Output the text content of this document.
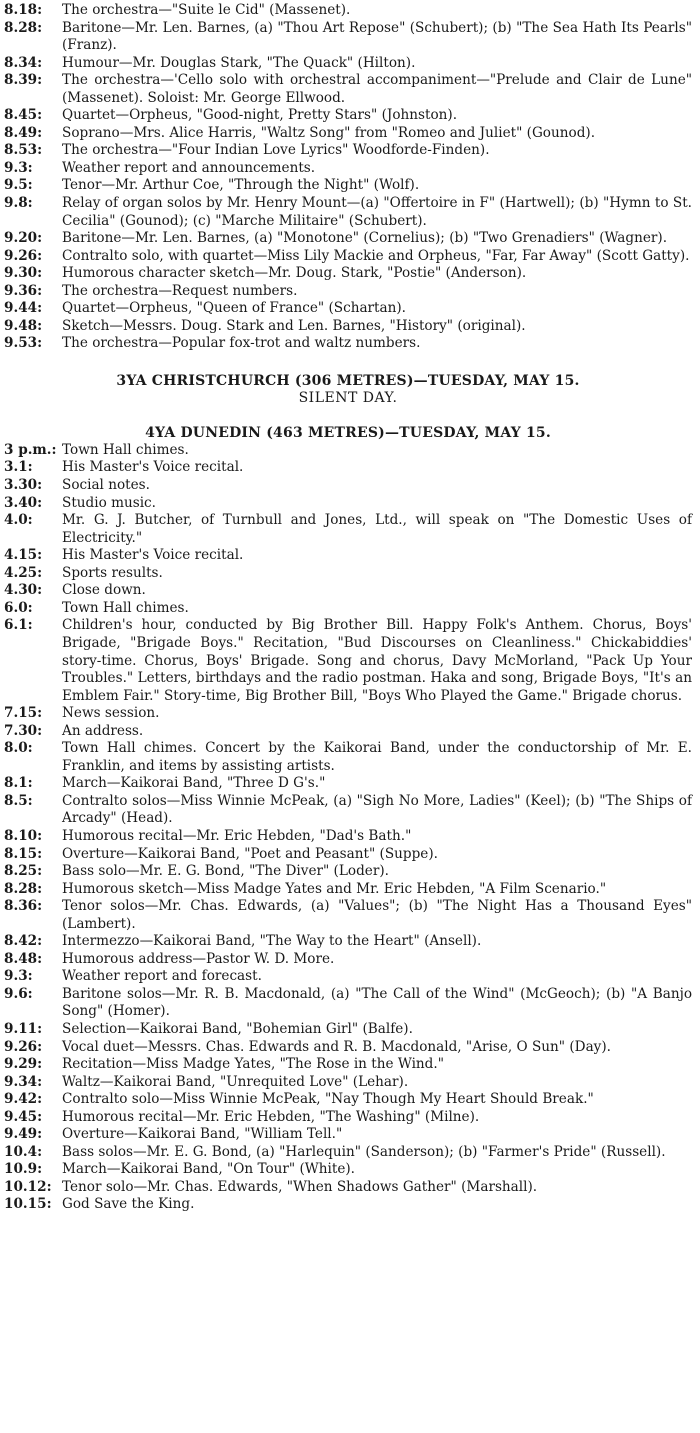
8.18:	The orchestra—"Suite le Cid" (Massenet).
8.28:	Baritone—Mr. Len. Barnes, (a) "Thou Art Repose" (Schubert); (b) "The Sea Hath Its Pearls" (Franz).
8.34:	Humour—Mr. Douglas Stark, "The Quack" (Hilton).
8.39:	The orchestra—'Cello solo with orchestral accompaniment—"Prelude and Clair de Lune" (Massenet). Soloist: Mr. George Ellwood.
8.45:	Quartet—Orpheus, "Good-night, Pretty Stars" (Johnston).
8.49:	Soprano—Mrs. Alice Harris, "Waltz Song" from "Romeo and Juliet" (Gounod).
8.53:	The orchestra—"Four Indian Love Lyrics" Woodforde-Finden).
9.3:	Weather report and announcements.
9.5:	Tenor—Mr. Arthur Coe, "Through the Night" (Wolf).
9.8:	Relay of organ solos by Mr. Henry Mount—(a) "Offertoire in F" (Hartwell); (b) "Hymn to St. Cecilia" (Gounod); (c) "Marche Militaire" (Schubert).
9.20:	Baritone—Mr. Len. Barnes, (a) "Monotone" (Cornelius); (b) "Two Grenadiers" (Wagner).
9.26:	Contralto solo, with quartet—Miss Lily Mackie and Orpheus, "Far, Far Away" (Scott Gatty).
9.30:	Humorous character sketch—Mr. Doug. Stark, "Postie" (Anderson).
9.36:	The orchestra—Request numbers.
9.44:	Quartet—Orpheus, "Queen of France" (Schartan).
9.48:	Sketch—Messrs. Doug. Stark and Len. Barnes, "History" (original).
9.53:	The orchestra—Popular fox-trot and waltz numbers.
3YA CHRISTCHURCH (306 METRES)—TUESDAY, MAY 15.
SILENT DAY.
4YA DUNEDIN (463 METRES)—TUESDAY, MAY 15.
3 p.m.: Town Hall chimes.
3.1:	His Master's Voice recital.
3.30:	Social notes.
3.40:	Studio music.
4.0:	Mr. G. J. Butcher, of Turnbull and Jones, Ltd., will speak on "The Domestic Uses of Electricity."
4.15:	His Master's Voice recital.
4.25:	Sports results.
4.30:	Close down.
6.0:	Town Hall chimes.
6.1:	Children's hour, conducted by Big Brother Bill. Happy Folk's Anthem. Chorus, Boys' Brigade, "Brigade Boys." Recitation, "Bud Discourses on Cleanliness." Chickabiddies' story-time. Chorus, Boys' Brigade. Song and chorus, Davy McMorland, "Pack Up Your Troubles." Letters, birthdays and the radio postman. Haka and song, Brigade Boys, "It's an Emblem Fair." Story-time, Big Brother Bill, "Boys Who Played the Game." Brigade chorus.
7.15:	News session.
7.30:	An address.
8.0:	Town Hall chimes. Concert by the Kaikorai Band, under the conductorship of Mr. E. Franklin, and items by assisting artists.
8.1:	March—Kaikorai Band, "Three D G's."
8.5:	Contralto solos—Miss Winnie McPeak, (a) "Sigh No More, Ladies" (Keel); (b) "The Ships of Arcady" (Head).
8.10:	Humorous recital—Mr. Eric Hebden, "Dad's Bath."
8.15:	Overture—Kaikorai Band, "Poet and Peasant" (Suppe).
8.25:	Bass solo—Mr. E. G. Bond, "The Diver" (Loder).
8.28:	Humorous sketch—Miss Madge Yates and Mr. Eric Hebden, "A Film Scenario."
8.36:	Tenor solos—Mr. Chas. Edwards, (a) "Values"; (b) "The Night Has a Thousand Eyes" (Lambert).
8.42:	Intermezzo—Kaikorai Band, "The Way to the Heart" (Ansell).
8.48:	Humorous address—Pastor W. D. More.
9.3:	Weather report and forecast.
9.6:	Baritone solos—Mr. R. B. Macdonald, (a) "The Call of the Wind" (McGeoch); (b) "A Banjo Song" (Homer).
9.11:	Selection—Kaikorai Band, "Bohemian Girl" (Balfe).
9.26:	Vocal duet—Messrs. Chas. Edwards and R. B. Macdonald, "Arise, O Sun" (Day).
9.29:	Recitation—Miss Madge Yates, "The Rose in the Wind."
9.34:	Waltz—Kaikorai Band, "Unrequited Love" (Lehar).
9.42:	Contralto solo—Miss Winnie McPeak, "Nay Though My Heart Should Break."
9.45:	Humorous recital—Mr. Eric Hebden, "The Washing" (Milne).
9.49:	Overture—Kaikorai Band, "William Tell."
10.4:	Bass solos—Mr. E. G. Bond, (a) "Harlequin" (Sanderson); (b) "Farmer's Pride" (Russell).
10.9:	March—Kaikorai Band, "On Tour" (White).
10.12: Tenor solo—Mr. Chas. Edwards, "When Shadows Gather" (Marshall).
10.15: God Save the King.
